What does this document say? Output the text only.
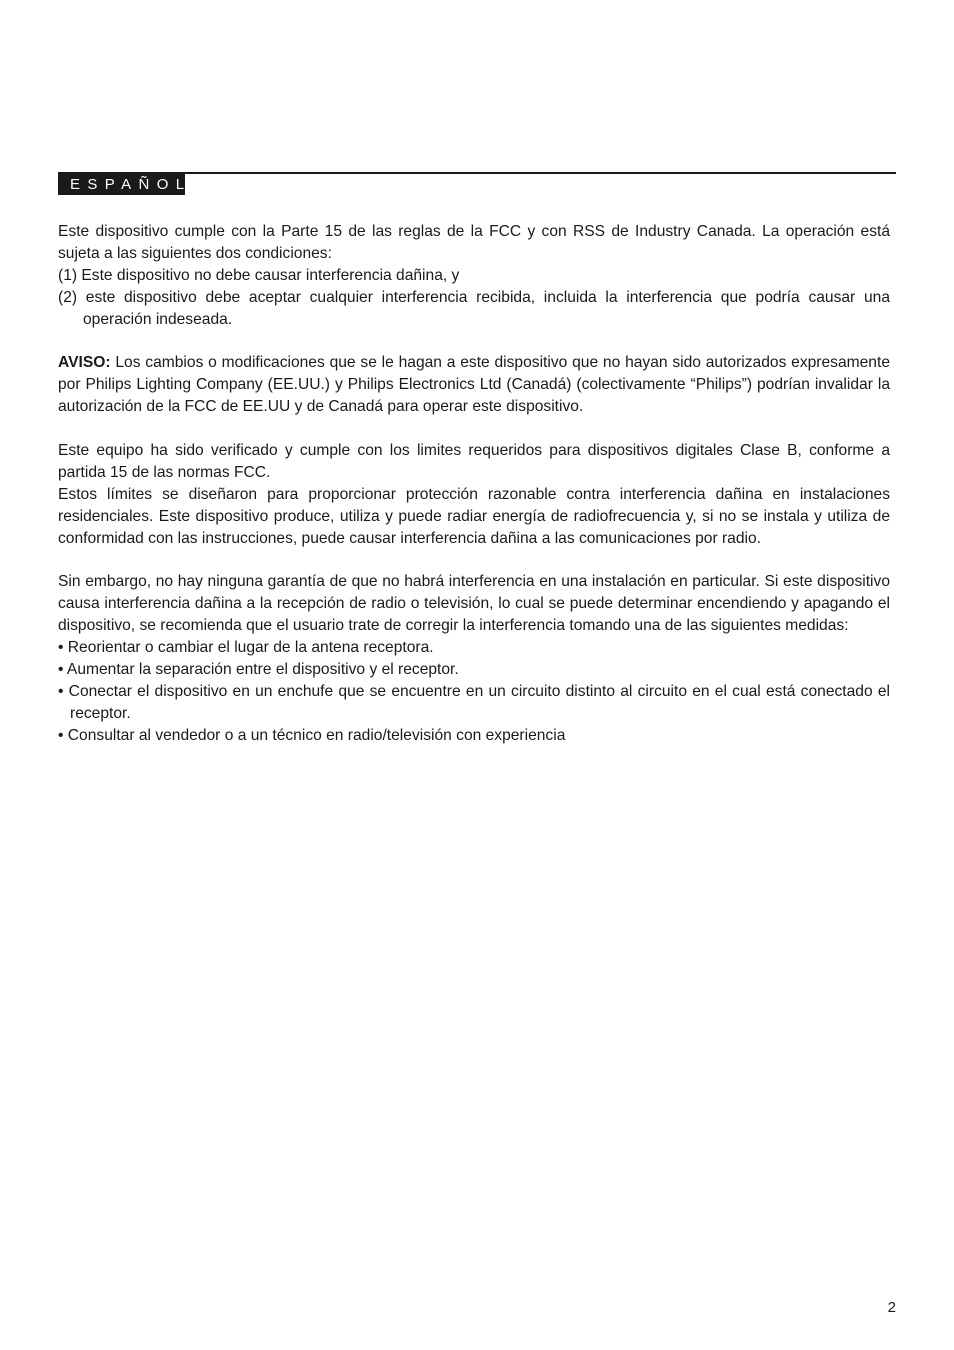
ESPAÑOL

Este dispositivo cumple con la Parte 15 de las reglas de la FCC y con RSS de Industry Canada. La operación está sujeta a las siguientes dos condiciones:

(1) Este dispositivo no debe causar interferencia dañina, y

(2) este dispositivo debe aceptar cualquier interferencia recibida, incluida la interferencia que podría causar una operación indeseada.

AVISO: Los cambios o modificaciones que se le hagan a este dispositivo que no hayan sido autorizados expresamente por Philips Lighting Company (EE.UU.) y Philips Electronics Ltd (Canadá) (colectivamente “Philips”) podrían invalidar la autorización de la FCC de EE.UU y de Canadá para operar este dispositivo.

Este equipo ha sido verificado y cumple con los limites requeridos para dispositivos digitales Clase B, conforme a partida 15 de las normas FCC.

Estos límites se diseñaron para proporcionar protección razonable contra interferencia dañina en instalaciones residenciales. Este dispositivo produce, utiliza y puede radiar energía de radiofrecuencia y, si no se instala y utiliza de conformidad con las instrucciones, puede causar interferencia dañina a las comunicaciones por radio.

Sin embargo, no hay ninguna garantía de que no habrá interferencia en una instalación en particular. Si este dispositivo causa interferencia dañina a la recepción de radio o televisión, lo cual se puede determinar encendiendo y apagando el dispositivo, se recomienda que el usuario trate de corregir la interferencia tomando una de las siguientes medidas:

• Reorientar o cambiar el lugar de la antena receptora.

• Aumentar la separación entre el dispositivo y el receptor.

• Conectar el dispositivo en un enchufe que se encuentre en un circuito distinto al circuito en el cual está conectado el receptor.

• Consultar al vendedor o a un técnico en radio/televisión con experiencia

2
